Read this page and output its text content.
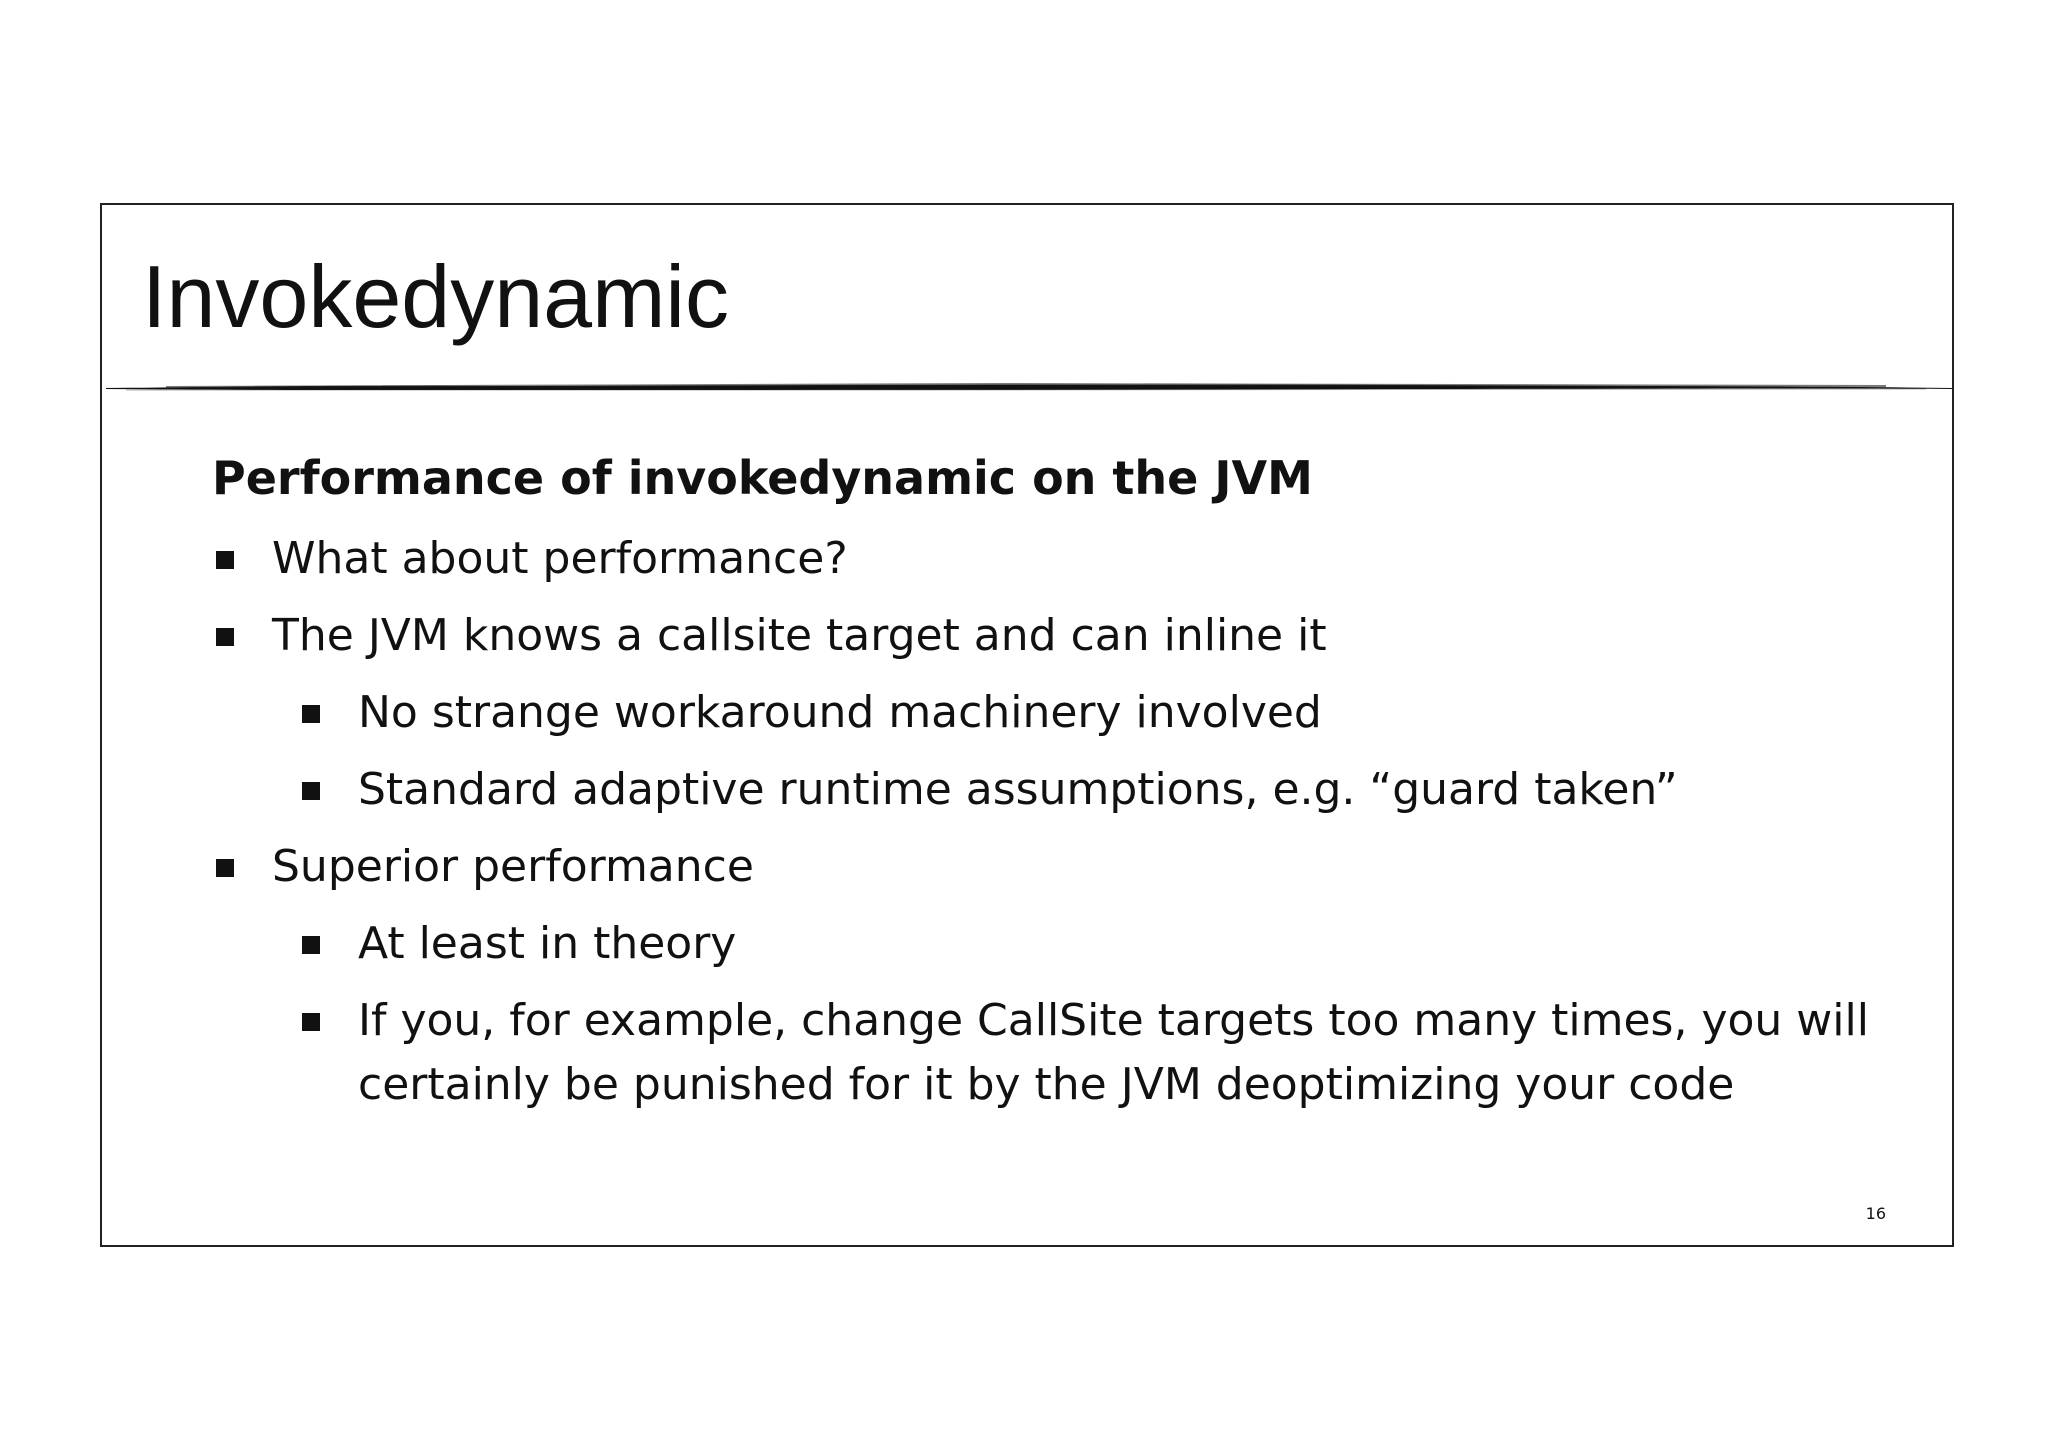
Invokedynamic
Performance of invokedynamic on the JVM
What about performance?
The JVM knows a callsite target and can inline it
No strange workaround machinery involved
Standard adaptive runtime assumptions, e.g. “guard taken”
Superior performance
At least in theory
If you, for example, change CallSite targets too many times, you will certainly be punished for it by the JVM deoptimizing your code
16
